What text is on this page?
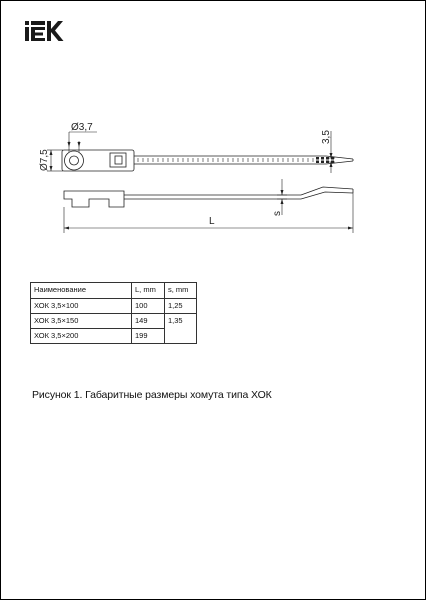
Ø3,7
Ø7,5
3,5
s
L
Наименование	L, mm	s, mm
ХОК 3,5×100	100	1,25
ХОК 3,5×150	149	1,35
ХОК 3,5×200	199	
Рисунок 1. Габаритные размеры хомута типа ХОК
